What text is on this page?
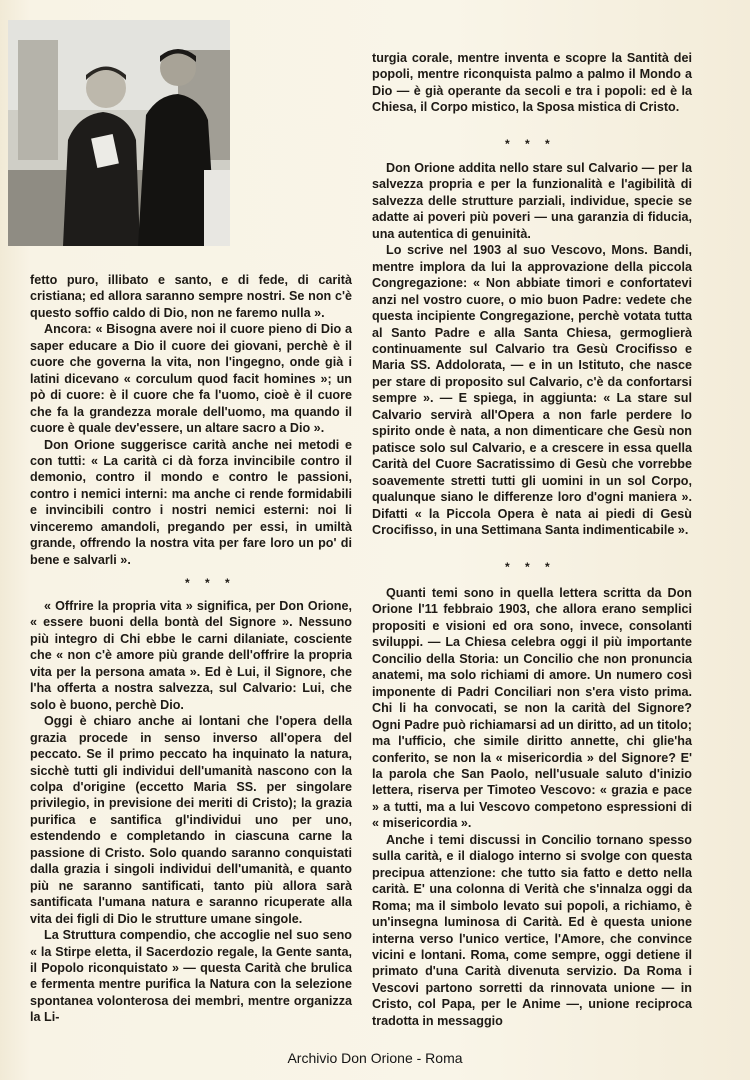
fetto puro, illibato e santo, e di fede, di carità cristiana; ed allora saranno sempre nostri. Se non c'è questo soffio caldo di Dio, non ne faremo nulla ».

Ancora: « Bisogna avere noi il cuore pieno di Dio a saper educare a Dio il cuore dei giovani, perchè è il cuore che governa la vita, non l'ingegno, onde già i latini dicevano « corculum quod facit homines »; un pò di cuore: è il cuore che fa l'uomo, cioè è il cuore che fa la grandezza morale dell'uomo, ma quando il cuore è quale dev'essere, un altare sacro a Dio ».

Don Orione suggerisce carità anche nei metodi e con tutti: « La carità ci dà forza invincibile contro il demonio, contro il mondo e contro le passioni, contro i nemici interni: ma anche ci rende formidabili e invincibili contro i nostri nemici esterni: noi li vinceremo amandoli, pregando per essi, in umiltà grande, offrendo la nostra vita per fare loro un po' di bene e salvarli ».

* * *

« Offrire la propria vita » significa, per Don Orione, « essere buoni della bontà del Signore ». Nessuno più integro di Chi ebbe le carni dilaniate, cosciente che « non c'è amore più grande dell'offrire la propria vita per la persona amata ». Ed è Lui, il Signore, che l'ha offerta a nostra salvezza, sul Calvario: Lui, che solo è buono, perchè Dio.

Oggi è chiaro anche ai lontani che l'opera della grazia procede in senso inverso all'opera del peccato. Se il primo peccato ha inquinato la natura, sicchè tutti gli individui dell'umanità nascono con la colpa d'origine (eccetto Maria SS. per singolare privilegio, in previsione dei meriti di Cristo); la grazia purifica e santifica gl'individui uno per uno, estendendo e completando in ciascuna carne la passione di Cristo. Solo quando saranno conquistati dalla grazia i singoli individui dell'umanità, e quanto più ne saranno santificati, tanto più allora sarà santificata l'umana natura e saranno ricuperate alla vita dei figli di Dio le strutture umane singole.

La Struttura compendio, che accoglie nel suo seno « la Stirpe eletta, il Sacerdozio regale, la Gente santa, il Popolo riconquistato » — questa Carità che brulica e fermenta mentre purifica la Natura con la selezione spontanea volonterosa dei membri, mentre organizza la Li-

turgia corale, mentre inventa e scopre la Santità dei popoli, mentre riconquista palmo a palmo il Mondo a Dio — è già operante da secoli e tra i popoli: ed è la Chiesa, il Corpo mistico, la Sposa mistica di Cristo.

* * *

Don Orione addita nello stare sul Calvario — per la salvezza propria e per la funzionalità e l'agibilità di salvezza delle strutture parziali, individue, specie se adatte ai poveri più poveri — una garanzia di fiducia, una autentica di genuinità.

Lo scrive nel 1903 al suo Vescovo, Mons. Bandi, mentre implora da lui la approvazione della piccola Congregazione: « Non abbiate timori e confortatevi anzi nel vostro cuore, o mio buon Padre: vedete che questa incipiente Congregazione, perchè votata tutta al Santo Padre e alla Santa Chiesa, germoglierà continuamente sul Calvario tra Gesù Crocifisso e Maria SS. Addolorata, — e in un Istituto, che nasce per stare di proposito sul Calvario, c'è da confortarsi sempre ». — E spiega, in aggiunta: « La stare sul Calvario servirà all'Opera a non farle perdere lo spirito onde è nata, a non dimenticare che Gesù non patisce solo sul Calvario, e a crescere in essa quella Carità del Cuore Sacratissimo di Gesù che vorrebbe soavemente stretti tutti gli uomini in un sol Corpo, qualunque siano le differenze loro d'ogni maniera ». Difatti « la Piccola Opera è nata ai piedi di Gesù Crocifisso, in una Settimana Santa indimenticabile ».

* * *

Quanti temi sono in quella lettera scritta da Don Orione l'11 febbraio 1903, che allora erano semplici propositi e visioni ed ora sono, invece, consolanti sviluppi. — La Chiesa celebra oggi il più importante Concilio della Storia: un Concilio che non pronuncia anatemi, ma solo richiami di amore. Un numero così imponente di Padri Conciliari non s'era visto prima. Chi li ha convocati, se non la carità del Signore? Ogni Padre può richiamarsi ad un diritto, ad un titolo; ma l'ufficio, che simile diritto annette, chi glie'ha conferito, se non la « misericordia » del Signore? E' la parola che San Paolo, nell'usuale saluto d'inizio lettera, riserva per Timoteo Vescovo: « grazia e pace » a tutti, ma a lui Vescovo competono espressioni di « misericordia ».

Anche i temi discussi in Concilio tornano spesso sulla carità, e il dialogo interno si svolge con questa precipua attenzione: che tutto sia fatto e detto nella carità. E' una colonna di Verità che s'innalza oggi da Roma; ma il simbolo levato sui popoli, a richiamo, è un'insegna luminosa di Carità. Ed è questa unione interna verso l'unico vertice, l'Amore, che convince vicini e lontani. Roma, come sempre, oggi detiene il primato d'una Carità divenuta servizio. Da Roma i Vescovi partono sorretti da rinnovata unione — in Cristo, col Papa, per le Anime —, unione reciproca tradotta in messaggio

Archivio Don Orione - Roma
